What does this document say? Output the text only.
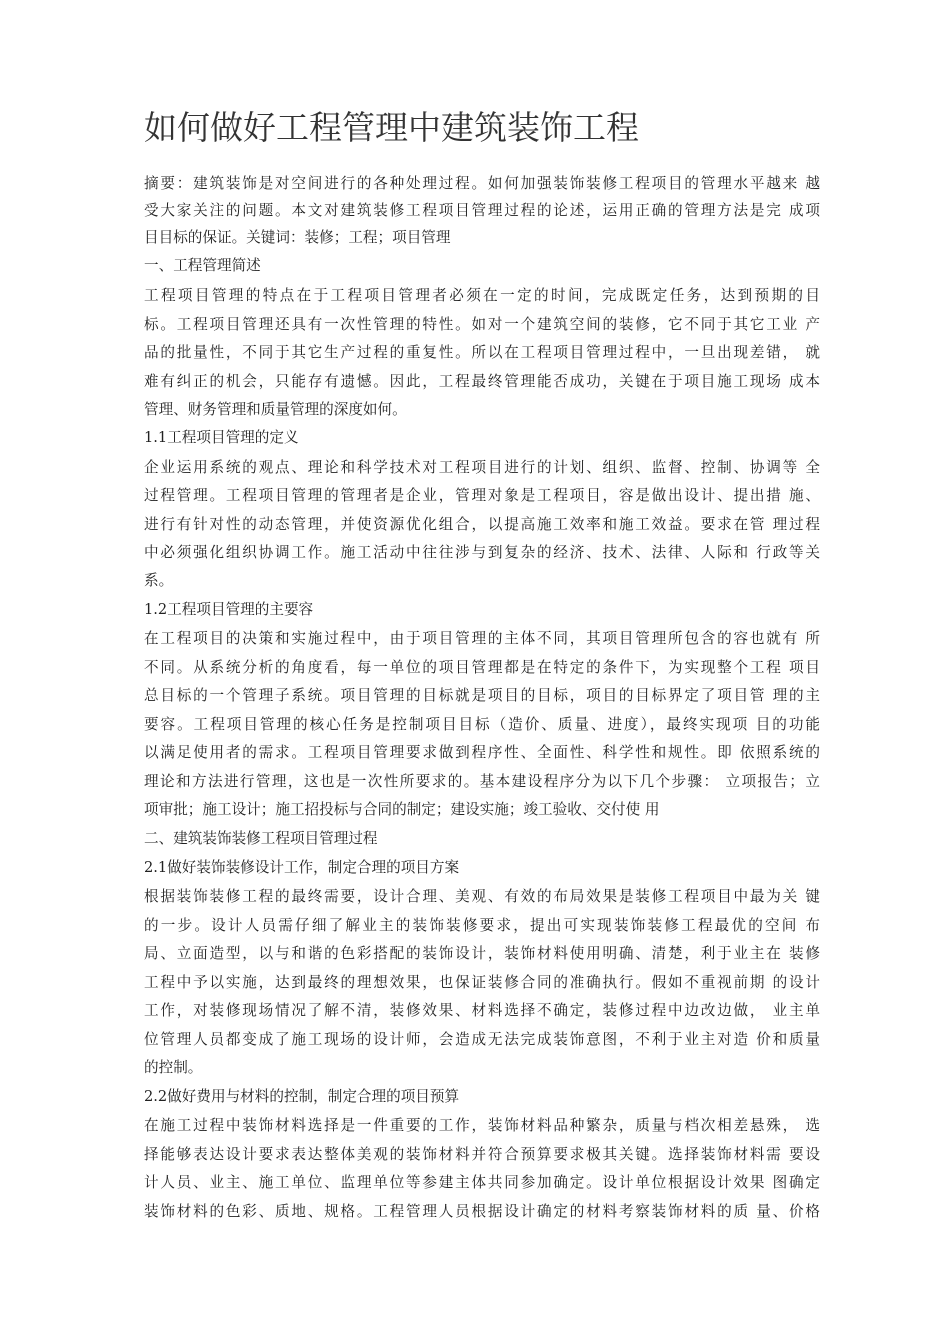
如何做好工程管理中建筑装饰工程
摘要：建筑装饰是对空间进行的各种处理过程。如何加强装饰装修工程项目的管理水平越来 越
受大家关注的问题。本文对建筑装修工程项目管理过程的论述，运用正确的管理方法是完 成项
目目标的保证。关键词：装修；工程；项目管理
一、工程管理简述
工程项目管理的特点在于工程项目管理者必须在一定的时间，完成既定任务，达到预期的目
标。工程项目管理还具有一次性管理的特性。如对一个建筑空间的装修，它不同于其它工业 产
品的批量性，不同于其它生产过程的重复性。所以在工程项目管理过程中，一旦出现差错， 就
难有纠正的机会，只能存有遗憾。因此，工程最终管理能否成功，关键在于项目施工现场 成本
管理、财务管理和质量管理的深度如何。
1.1工程项目管理的定义
企业运用系统的观点、理论和科学技术对工程项目进行的计划、组织、监督、控制、协调等 全
过程管理。工程项目管理的管理者是企业，管理对象是工程项目，容是做出设计、提出措 施、
进行有针对性的动态管理，并使资源优化组合，以提高施工效率和施工效益。要求在管 理过程
中必须强化组织协调工作。施工活动中往往涉与到复杂的经济、技术、法律、人际和 行政等关
系。
1.2工程项目管理的主要容
在工程项目的决策和实施过程中，由于项目管理的主体不同，其项目管理所包含的容也就有 所
不同。从系统分析的角度看，每一单位的项目管理都是在特定的条件下，为实现整个工程 项目
总目标的一个管理子系统。项目管理的目标就是项目的目标，项目的目标界定了项目管 理的主
要容。工程项目管理的核心任务是控制项目目标（造价、质量、进度），最终实现项 目的功能
以满足使用者的需求。工程项目管理要求做到程序性、全面性、科学性和规性。即 依照系统的
理论和方法进行管理，这也是一次性所要求的。基本建设程序分为以下几个步骤： 立项报告；立
项审批；施工设计；施工招投标与合同的制定；建设实施；竣工验收、交付使 用
二、建筑装饰装修工程项目管理过程
2.1做好装饰装修设计工作，制定合理的项目方案
根据装饰装修工程的最终需要，设计合理、美观、有效的布局效果是装修工程项目中最为关 键
的一步。设计人员需仔细了解业主的装饰装修要求，提出可实现装饰装修工程最优的空间 布
局、立面造型，以与和谐的色彩搭配的装饰设计，装饰材料使用明确、清楚，利于业主在 装修
工程中予以实施，达到最终的理想效果，也保证装修合同的准确执行。假如不重视前期 的设计
工作，对装修现场情况了解不清，装修效果、材料选择不确定，装修过程中边改边做， 业主单
位管理人员都变成了施工现场的设计师，会造成无法完成装饰意图，不利于业主对造 价和质量
的控制。
2.2做好费用与材料的控制，制定合理的项目预算
在施工过程中装饰材料选择是一件重要的工作，装饰材料品种繁杂，质量与档次相差悬殊， 选
择能够表达设计要求表达整体美观的装饰材料并符合预算要求极其关键。选择装饰材料需 要设
计人员、业主、施工单位、监理单位等参建主体共同参加确定。设计单位根据设计效果 图确定
装饰材料的色彩、质地、规格。工程管理人员根据设计确定的材料考察装饰材料的质 量、价格
